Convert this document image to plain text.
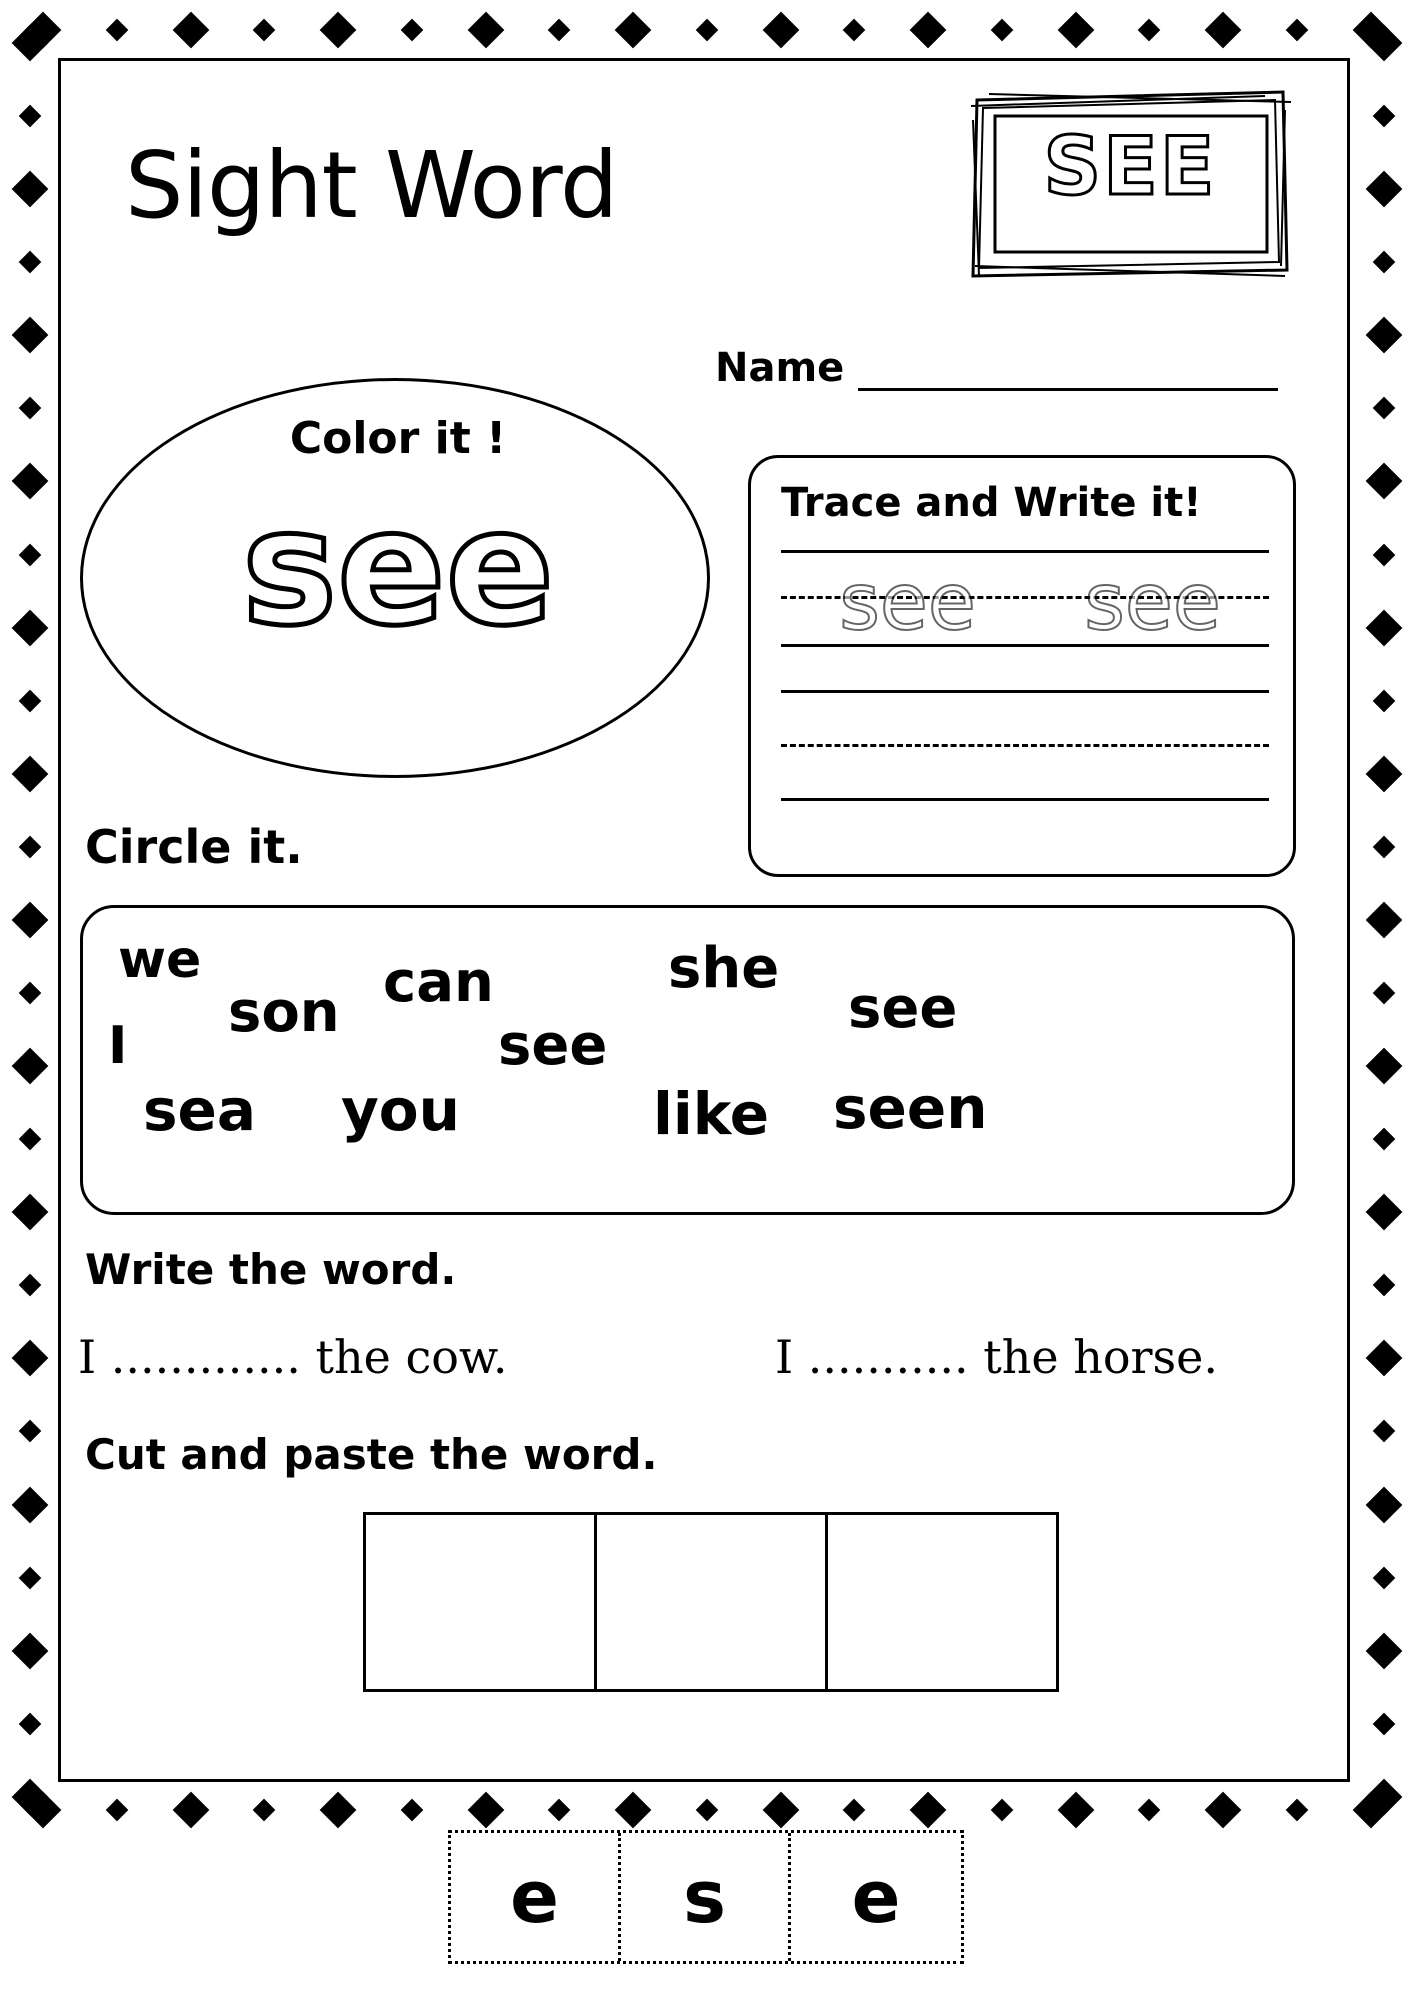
Sight Word	SEE
Name
Color it !
see	Trace and Write it!
see see
Circle it.
we	can	she
see
son
I	see
sea you	like seen
Write the word.
I ............. the cow.	I ........... the horse.
Cut and paste the word.
e	s	e
